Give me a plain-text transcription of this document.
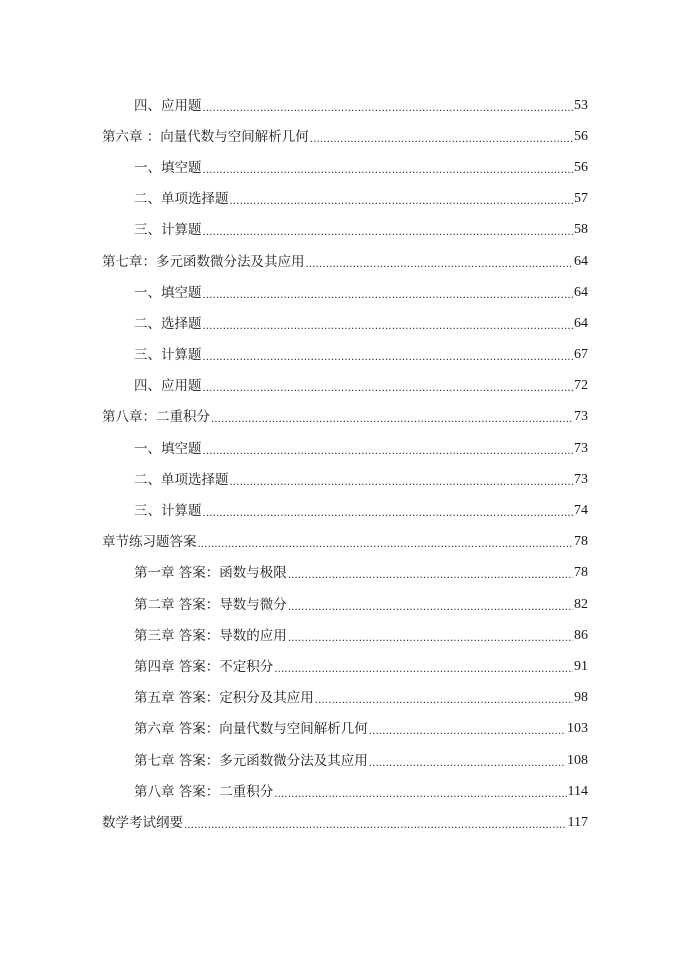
四、应用题 .....	53
第六章 ：向量代数与空间解析几何 .....	56
一、填空题 .....	56
二、单项选择题 .....	57
三、计算题 .....	58
第七章：多元函数微分法及其应用 .....	64
一、填空题 .....	64
二、选择题 .....	64
三、计算题 .....	67
四、应用题 .....	72
第八章：二重积分 .....	73
一、填空题 .....	73
二、单项选择题 .....	73
三、计算题 .....	74
章节练习题答案 .....	78
第一章 答案：函数与极限 .....	78
第二章 答案：导数与微分 .....	82
第三章 答案：导数的应用 .....	86
第四章 答案：不定积分 .....	91
第五章 答案：定积分及其应用 .....	98
第六章 答案：向量代数与空间解析几何 .....	103
第七章 答案：多元函数微分法及其应用 .....	108
第八章 答案：二重积分 .....	114
数学考试纲要 .....	117
